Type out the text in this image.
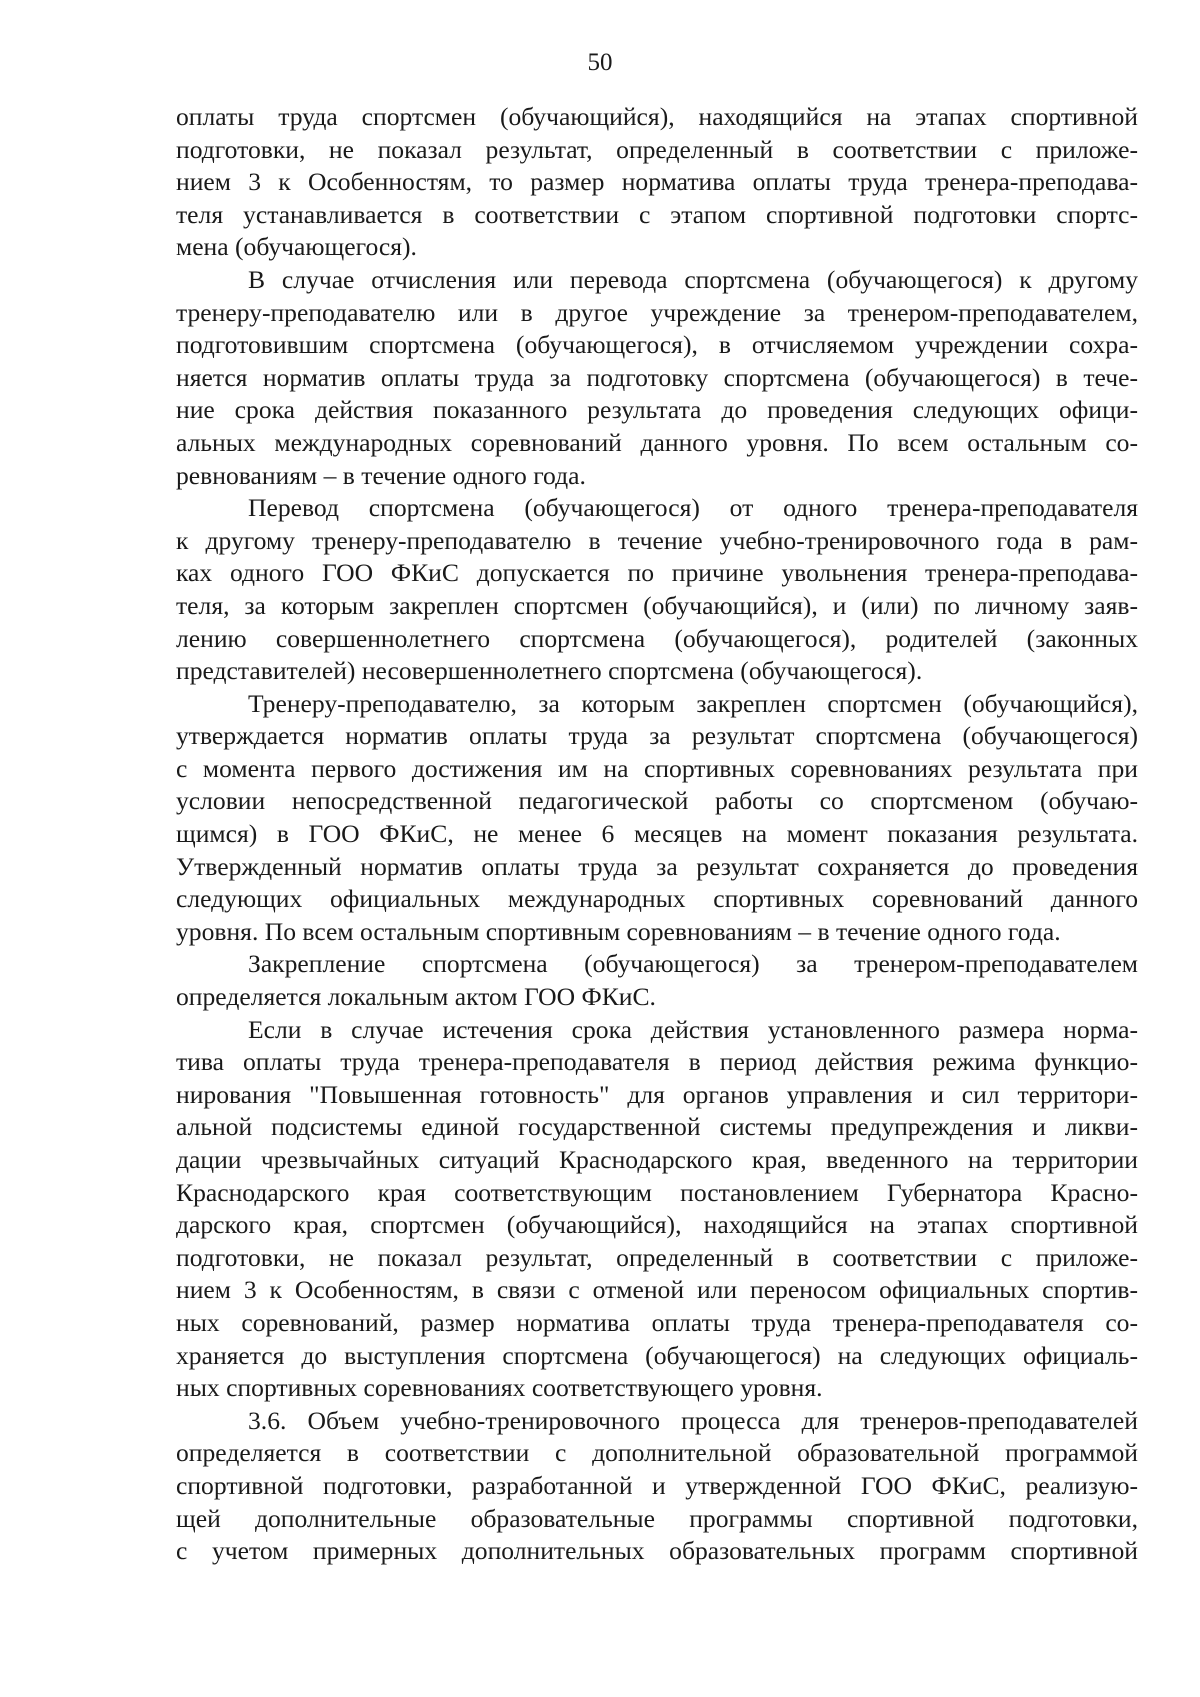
50

оплаты труда спортсмен (обучающийся), находящийся на этапах спортивной
подготовки, не показал результат, определенный в соответствии с приложе-
нием 3 к Особенностям, то размер норматива оплаты труда тренера-преподава-
теля устанавливается в соответствии с этапом спортивной подготовки спортс-
мена (обучающегося).

В случае отчисления или перевода спортсмена (обучающегося) к другому
тренеру-преподавателю или в другое учреждение за тренером-преподавателем,
подготовившим спортсмена (обучающегося), в отчисляемом учреждении сохра-
няется норматив оплаты труда за подготовку спортсмена (обучающегося) в тече-
ние срока действия показанного результата до проведения следующих офици-
альных международных соревнований данного уровня. По всем остальным со-
ревнованиям – в течение одного года.

Перевод спортсмена (обучающегося) от одного тренера-преподавателя
к другому тренеру-преподавателю в течение учебно-тренировочного года в рам-
ках одного ГОО ФКиС допускается по причине увольнения тренера-преподава-
теля, за которым закреплен спортсмен (обучающийся), и (или) по личному заяв-
лению совершеннолетнего спортсмена (обучающегося), родителей (законных
представителей) несовершеннолетнего спортсмена (обучающегося).

Тренеру-преподавателю, за которым закреплен спортсмен (обучающийся),
утверждается норматив оплаты труда за результат спортсмена (обучающегося)
с момента первого достижения им на спортивных соревнованиях результата при
условии непосредственной педагогической работы со спортсменом (обучаю-
щимся) в ГОО ФКиС, не менее 6 месяцев на момент показания результата.
Утвержденный норматив оплаты труда за результат сохраняется до проведения
следующих официальных международных спортивных соревнований данного
уровня. По всем остальным спортивным соревнованиям – в течение одного года.

Закрепление спортсмена (обучающегося) за тренером-преподавателем
определяется локальным актом ГОО ФКиС.

Если в случае истечения срока действия установленного размера норма-
тива оплаты труда тренера-преподавателя в период действия режима функцио-
нирования "Повышенная готовность" для органов управления и сил территори-
альной подсистемы единой государственной системы предупреждения и ликви-
дации чрезвычайных ситуаций Краснодарского края, введенного на территории
Краснодарского края соответствующим постановлением Губернатора Красно-
дарского края, спортсмен (обучающийся), находящийся на этапах спортивной
подготовки, не показал результат, определенный в соответствии с приложе-
нием 3 к Особенностям, в связи с отменой или переносом официальных спортив-
ных соревнований, размер норматива оплаты труда тренера-преподавателя со-
храняется до выступления спортсмена (обучающегося) на следующих официаль-
ных спортивных соревнованиях соответствующего уровня.

3.6. Объем учебно-тренировочного процесса для тренеров-преподавателей
определяется в соответствии с дополнительной образовательной программой
спортивной подготовки, разработанной и утвержденной ГОО ФКиС, реализую-
щей дополнительные образовательные программы спортивной подготовки,
с учетом примерных дополнительных образовательных программ спортивной
